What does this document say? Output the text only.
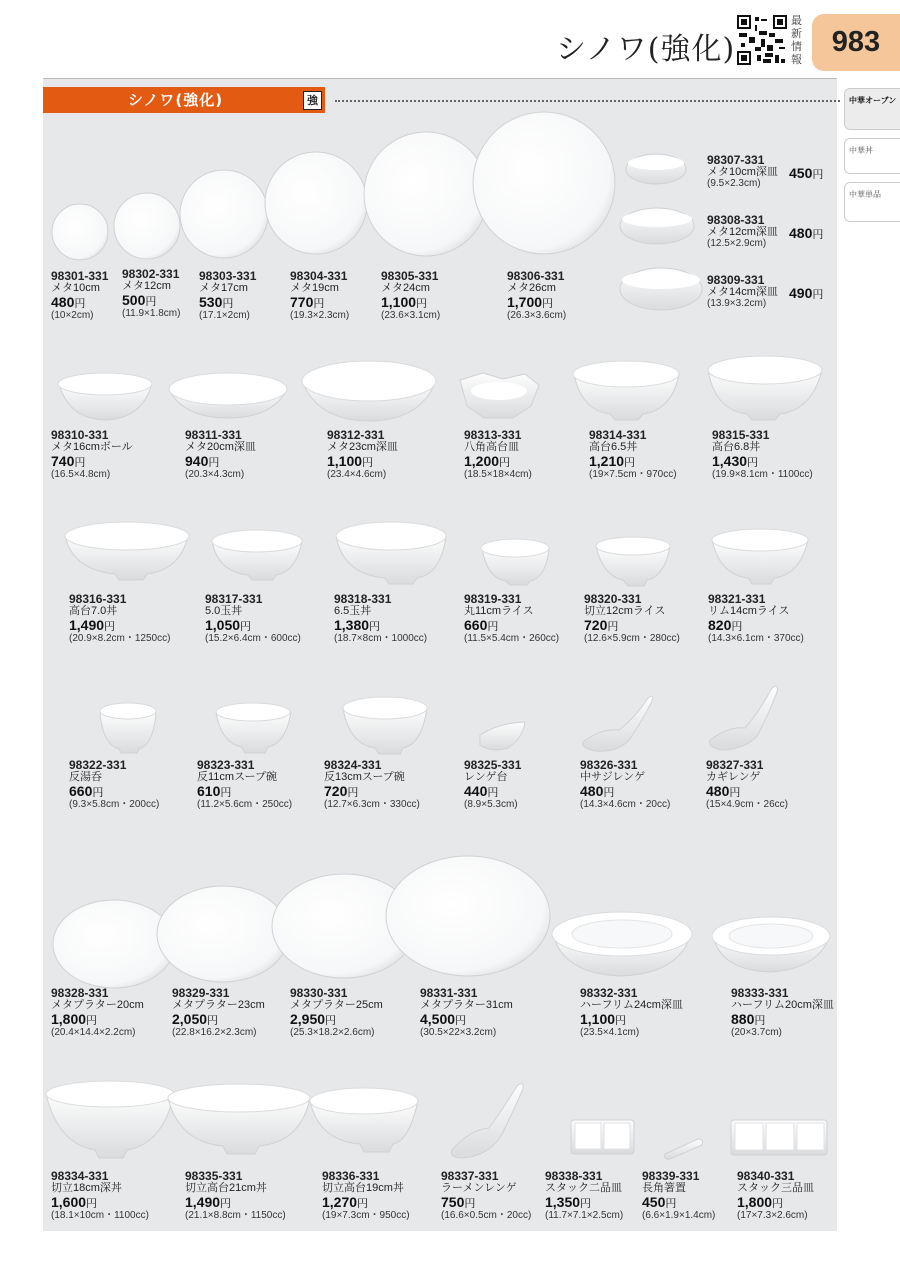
シノワ(強化)
最新情報
983
中華オーブン
中華丼
中華単品
シノワ(強化)	強
98301-331
メタ10cm
480円
(10×2cm)
98302-331
メタ12cm
500円
(11.9×1.8cm)
98303-331
メタ17cm
530円
(17.1×2cm)
98304-331
メタ19cm
770円
(19.3×2.3cm)
98305-331
メタ24cm
1,100円
(23.6×3.1cm)
98306-331
メタ26cm
1,700円
(26.3×3.6cm)
98307-331
メタ10cm深皿
(9.5×2.3cm)
450円
98308-331
メタ12cm深皿
(12.5×2.9cm)
480円
98309-331
メタ14cm深皿
(13.9×3.2cm)
490円
98310-331
メタ16cmボール
740円
(16.5×4.8cm)
98311-331
メタ20cm深皿
940円
(20.3×4.3cm)
98312-331
メタ23cm深皿
1,100円
(23.4×4.6cm)
98313-331
八角高台皿
1,200円
(18.5×18×4cm)
98314-331
高台6.5丼
1,210円
(19×7.5cm・970cc)
98315-331
高台6.8丼
1,430円
(19.9×8.1cm・1100cc)
98316-331
高台7.0丼
1,490円
(20.9×8.2cm・1250cc)
98317-331
5.0玉丼
1,050円
(15.2×6.4cm・600cc)
98318-331
6.5玉丼
1,380円
(18.7×8cm・1000cc)
98319-331
丸11cmライス
660円
(11.5×5.4cm・260cc)
98320-331
切立12cmライス
720円
(12.6×5.9cm・280cc)
98321-331
リム14cmライス
820円
(14.3×6.1cm・370cc)
98322-331
反湯呑
660円
(9.3×5.8cm・200cc)
98323-331
反11cmスープ碗
610円
(11.2×5.6cm・250cc)
98324-331
反13cmスープ碗
720円
(12.7×6.3cm・330cc)
98325-331
レンゲ台
440円
(8.9×5.3cm)
98326-331
中サジレンゲ
480円
(14.3×4.6cm・20cc)
98327-331
カギレンゲ
480円
(15×4.9cm・26cc)
98328-331
メタプラター20cm
1,800円
(20.4×14.4×2.2cm)
98329-331
メタプラター23cm
2,050円
(22.8×16.2×2.3cm)
98330-331
メタプラター25cm
2,950円
(25.3×18.2×2.6cm)
98331-331
メタプラター31cm
4,500円
(30.5×22×3.2cm)
98332-331
ハーフリム24cm深皿
1,100円
(23.5×4.1cm)
98333-331
ハーフリム20cm深皿
880円
(20×3.7cm)
98334-331
切立18cm深丼
1,600円
(18.1×10cm・1100cc)
98335-331
切立高台21cm丼
1,490円
(21.1×8.8cm・1150cc)
98336-331
切立高台19cm丼
1,270円
(19×7.3cm・950cc)
98337-331
ラーメンレンゲ
750円
(16.6×0.5cm・20cc)
98338-331
スタック二品皿
1,350円
(11.7×7.1×2.5cm)
98339-331
長角箸置
450円
(6.6×1.9×1.4cm)
98340-331
スタック三品皿
1,800円
(17×7.3×2.6cm)
